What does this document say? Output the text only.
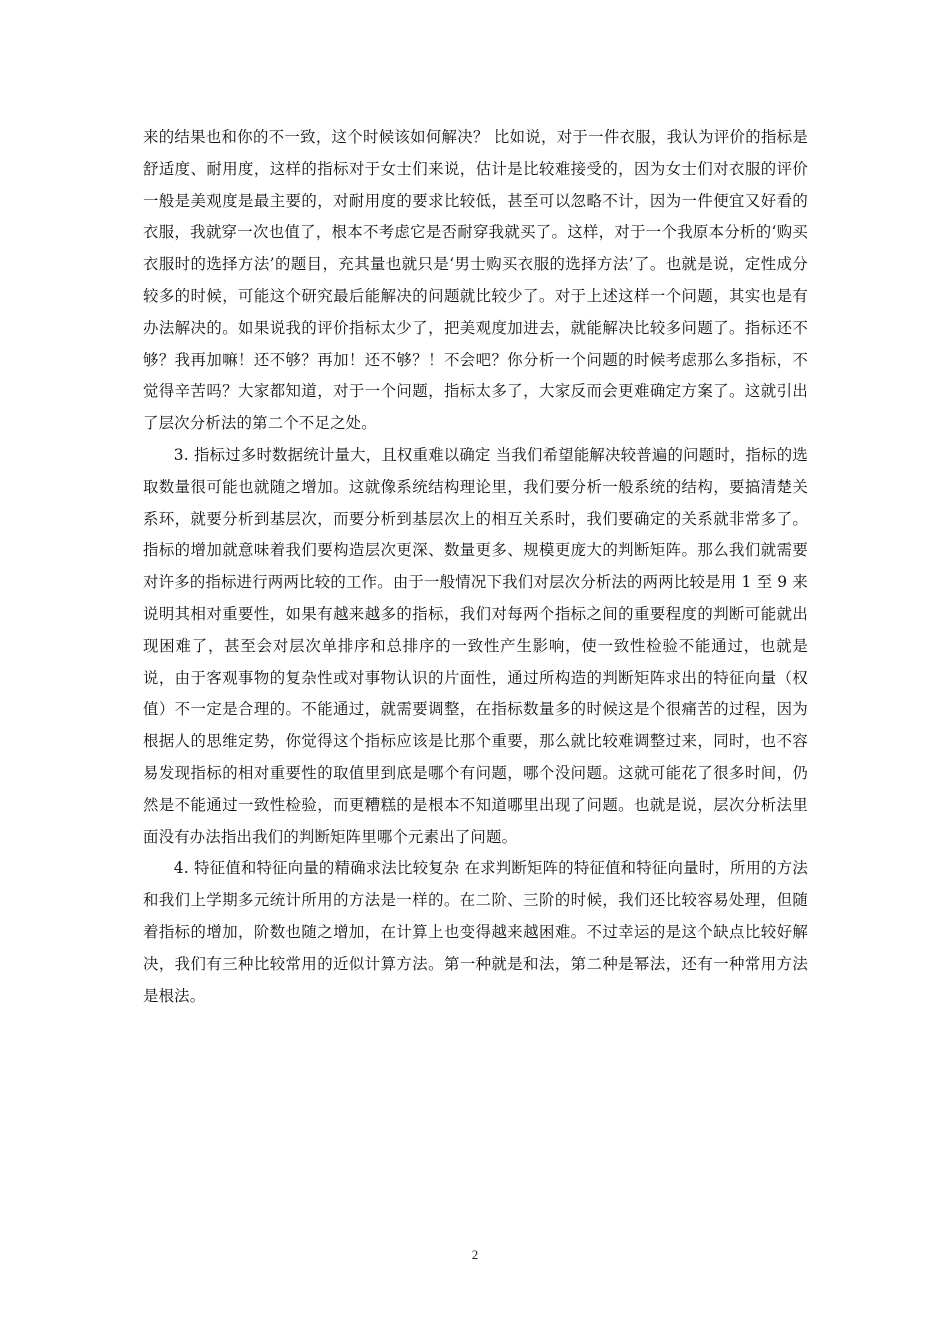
来的结果也和你的不一致，这个时候该如何解决？ 比如说，对于一件衣服，我认为评价的指标是舒适度、耐用度，这样的指标对于女士们来说，估计是比较难接受的，因为女士们对衣服的评价一般是美观度是最主要的，对耐用度的要求比较低，甚至可以忽略不计，因为一件便宜又好看的衣服，我就穿一次也值了，根本不考虑它是否耐穿我就买了。这样，对于一个我原本分析的‘购买衣服时的选择方法’的题目，充其量也就只是‘男士购买衣服的选择方法’了。也就是说，定性成分较多的时候，可能这个研究最后能解决的问题就比较少了。对于上述这样一个问题，其实也是有办法解决的。如果说我的评价指标太少了，把美观度加进去，就能解决比较多问题了。指标还不够？我再加嘛！还不够？再加！还不够？！不会吧？你分析一个问题的时候考虑那么多指标，不觉得辛苦吗？大家都知道，对于一个问题，指标太多了，大家反而会更难确定方案了。这就引出了层次分析法的第二个不足之处。

3. 指标过多时数据统计量大，且权重难以确定 当我们希望能解决较普遍的问题时，指标的选取数量很可能也就随之增加。这就像系统结构理论里，我们要分析一般系统的结构，要搞清楚关系环，就要分析到基层次，而要分析到基层次上的相互关系时，我们要确定的关系就非常多了。指标的增加就意味着我们要构造层次更深、数量更多、规模更庞大的判断矩阵。那么我们就需要对许多的指标进行两两比较的工作。由于一般情况下我们对层次分析法的两两比较是用 1 至 9 来说明其相对重要性，如果有越来越多的指标，我们对每两个指标之间的重要程度的判断可能就出现困难了，甚至会对层次单排序和总排序的一致性产生影响，使一致性检验不能通过，也就是说，由于客观事物的复杂性或对事物认识的片面性，通过所构造的判断矩阵求出的特征向量（权值）不一定是合理的。不能通过，就需要调整，在指标数量多的时候这是个很痛苦的过程，因为根据人的思维定势，你觉得这个指标应该是比那个重要，那么就比较难调整过来，同时，也不容易发现指标的相对重要性的取值里到底是哪个有问题，哪个没问题。这就可能花了很多时间，仍然是不能通过一致性检验，而更糟糕的是根本不知道哪里出现了问题。也就是说，层次分析法里面没有办法指出我们的判断矩阵里哪个元素出了问题。

4. 特征值和特征向量的精确求法比较复杂 在求判断矩阵的特征值和特征向量时，所用的方法和我们上学期多元统计所用的方法是一样的。在二阶、三阶的时候，我们还比较容易处理，但随着指标的增加，阶数也随之增加，在计算上也变得越来越困难。不过幸运的是这个缺点比较好解决，我们有三种比较常用的近似计算方法。第一种就是和法，第二种是幂法，还有一种常用方法是根法。

2
